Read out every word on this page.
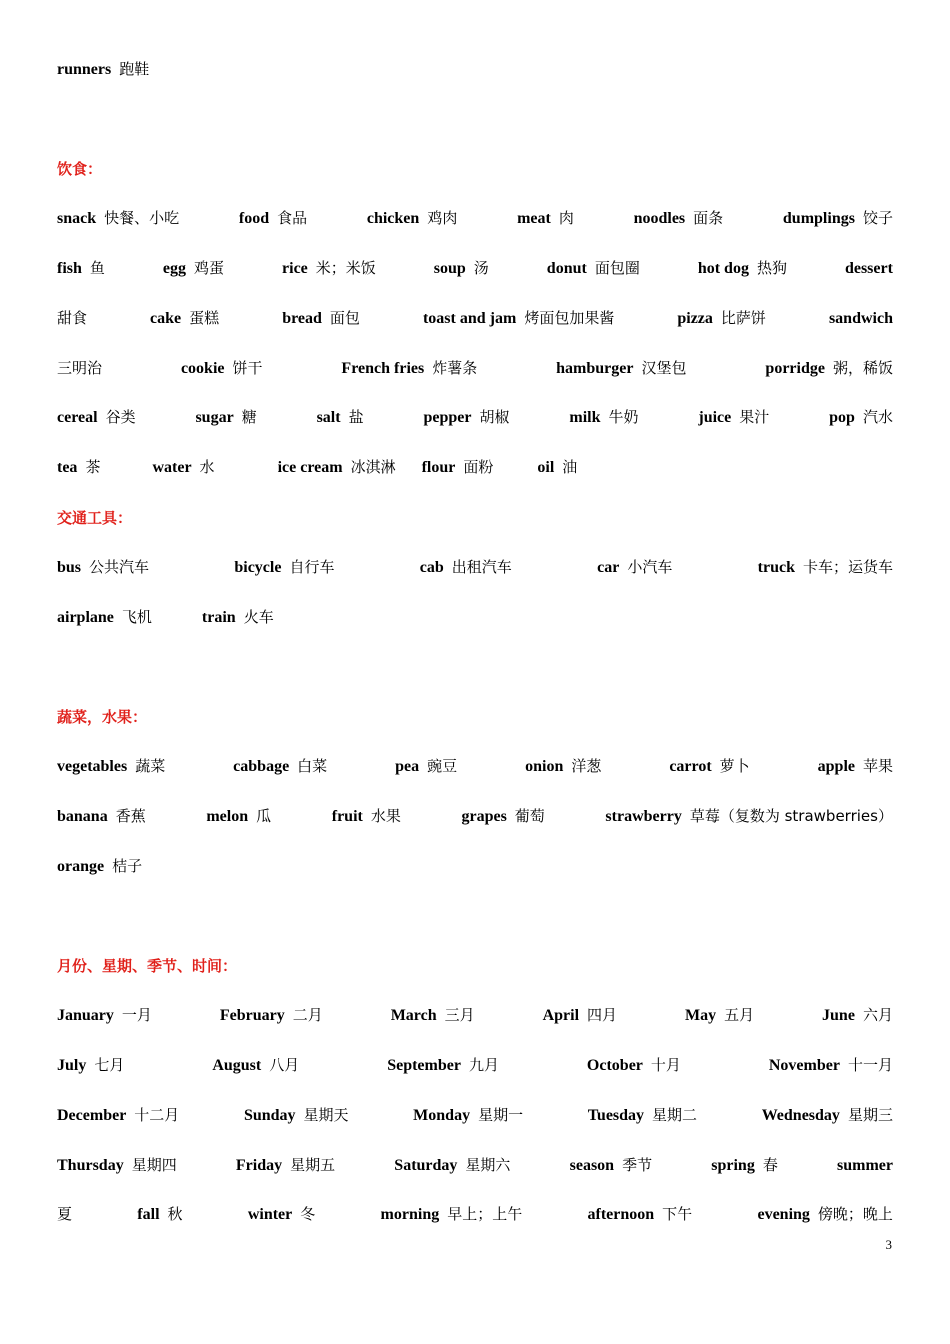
runners 跑鞋
饮食：
snack 快餐、小吃	food 食品	chicken 鸡肉	meat 肉	noodles 面条	dumplings 饺子
fish 鱼	egg 鸡蛋	rice 米；米饭	soup 汤	donut 面包圈	hot dog 热狗	dessert
甜食	cake 蛋糕	bread 面包	toast and jam 烤面包加果酱	pizza 比萨饼	sandwich
三明治	cookie 饼干	French fries 炸薯条	hamburger 汉堡包	porridge 粥，稀饭
cereal 谷类	sugar 糖	salt 盐	pepper 胡椒	milk 牛奶	juice 果汁	pop 汽水
tea 茶	water 水	ice cream 冰淇淋 flour 面粉	oil 油
交通工具：
bus 公共汽车	bicycle 自行车	cab 出租汽车	car 小汽车	truck 卡车；运货车
airplane 飞机	train 火车
蔬菜，水果：
vegetables 蔬菜	cabbage 白菜	pea 豌豆	onion 洋葱	carrot 萝卜	apple 苹果
banana 香蕉	melon 瓜	fruit 水果	grapes 葡萄	strawberry 草莓（复数为 strawberries）
orange 桔子
月份、星期、季节、时间：
January 一月	February 二月	March 三月	April 四月	May 五月	June 六月
July 七月	August 八月	September 九月	October 十月	November 十一月
December 十二月	Sunday 星期天	Monday 星期一	Tuesday 星期二	Wednesday 星期三
Thursday 星期四	Friday 星期五	Saturday 星期六	season 季节	spring 春	summer
夏	fall 秋	winter 冬	morning 早上；上午	afternoon 下午	evening 傍晚；晚上
3
